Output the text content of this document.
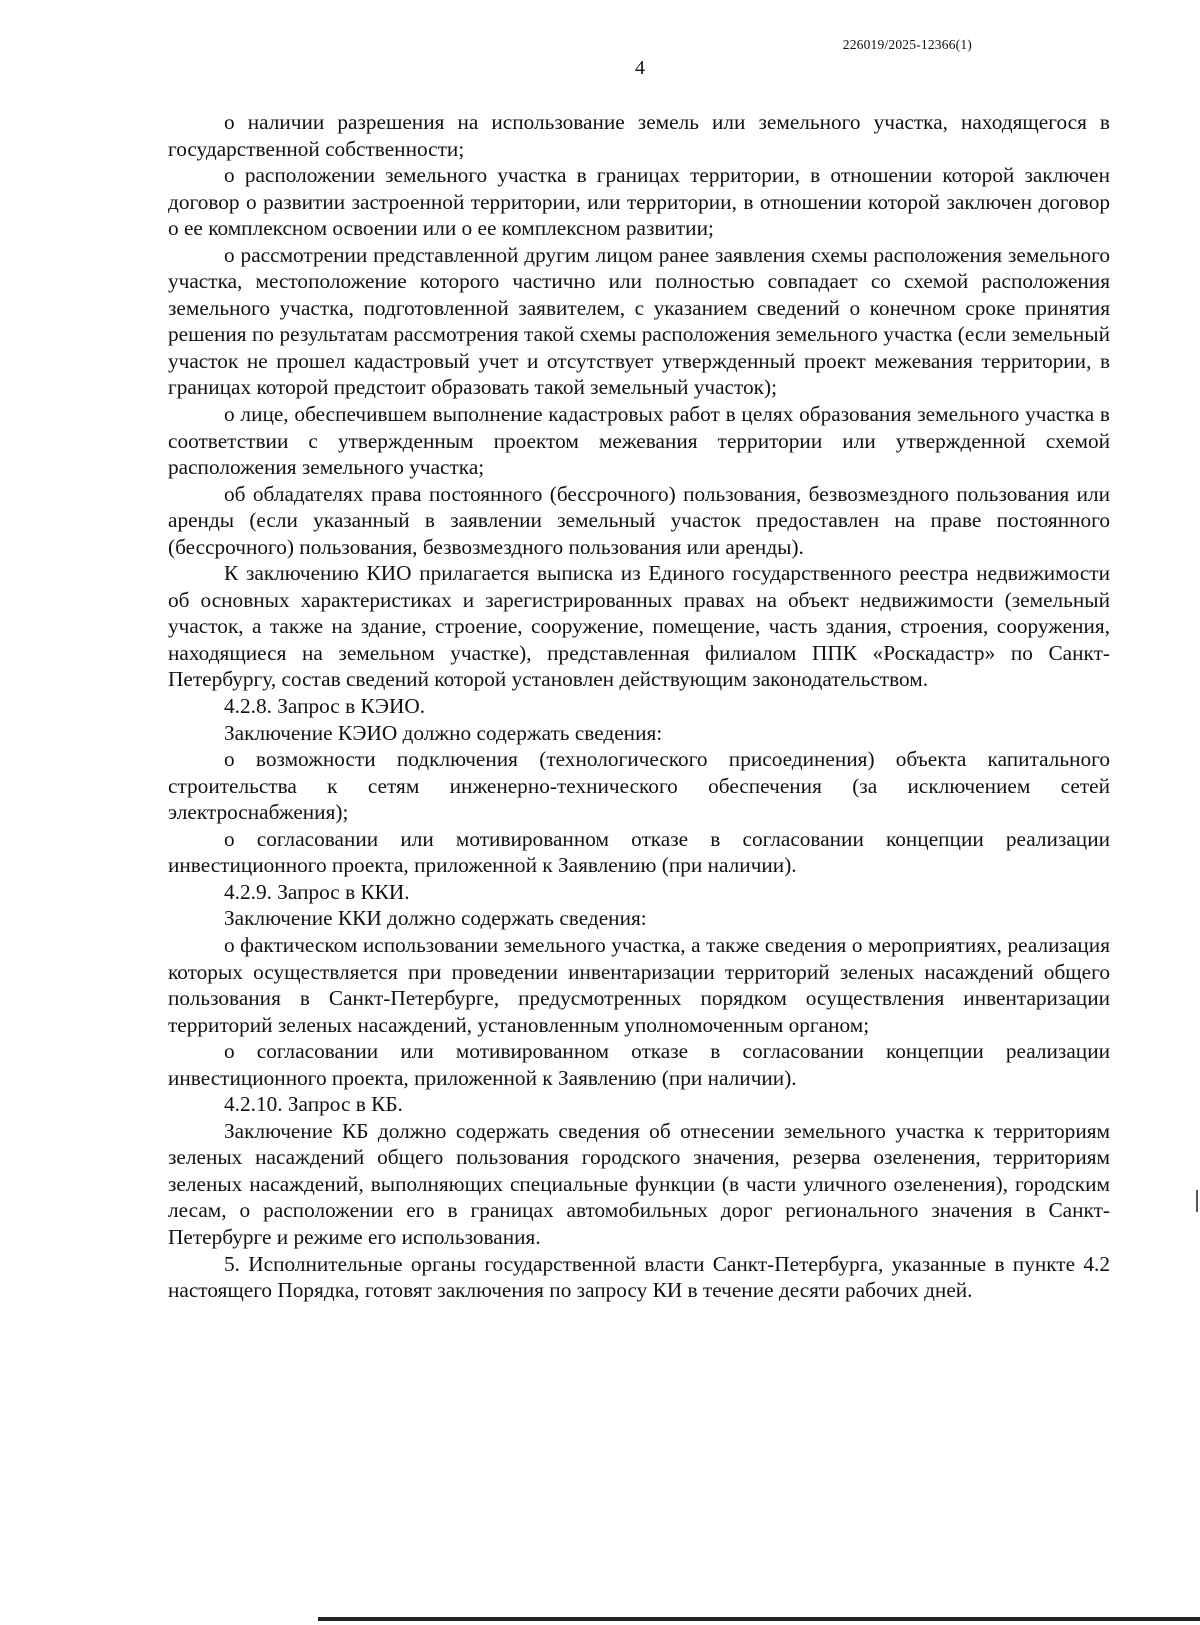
226019/2025-12366(1)
4

о наличии разрешения на использование земель или земельного участка, находящегося в государственной собственности;

о расположении земельного участка в границах территории, в отношении которой заключен договор о развитии застроенной территории, или территории, в отношении которой заключен договор о ее комплексном освоении или о ее комплексном развитии;

о рассмотрении представленной другим лицом ранее заявления схемы расположения земельного участка, местоположение которого частично или полностью совпадает со схемой расположения земельного участка, подготовленной заявителем, с указанием сведений о конечном сроке принятия решения по результатам рассмотрения такой схемы расположения земельного участка (если земельный участок не прошел кадастровый учет и отсутствует утвержденный проект межевания территории, в границах которой предстоит образовать такой земельный участок);

о лице, обеспечившем выполнение кадастровых работ в целях образования земельного участка в соответствии с утвержденным проектом межевания территории или утвержденной схемой расположения земельного участка;

об обладателях права постоянного (бессрочного) пользования, безвозмездного пользования или аренды (если указанный в заявлении земельный участок предоставлен на праве постоянного (бессрочного) пользования, безвозмездного пользования или аренды).

К заключению КИО прилагается выписка из Единого государственного реестра недвижимости об основных характеристиках и зарегистрированных правах на объект недвижимости (земельный участок, а также на здание, строение, сооружение, помещение, часть здания, строения, сооружения, находящиеся на земельном участке), представленная филиалом ППК «Роскадастр» по Санкт-Петербургу, состав сведений которой установлен действующим законодательством.

4.2.8. Запрос в КЭИО.

Заключение КЭИО должно содержать сведения:

о возможности подключения (технологического присоединения) объекта капитального строительства к сетям инженерно-технического обеспечения (за исключением сетей электроснабжения);

о согласовании или мотивированном отказе в согласовании концепции реализации инвестиционного проекта, приложенной к Заявлению (при наличии).

4.2.9. Запрос в ККИ.

Заключение ККИ должно содержать сведения:

о фактическом использовании земельного участка, а также сведения о мероприятиях, реализация которых осуществляется при проведении инвентаризации территорий зеленых насаждений общего пользования в Санкт-Петербурге, предусмотренных порядком осуществления инвентаризации территорий зеленых насаждений, установленным уполномоченным органом;

о согласовании или мотивированном отказе в согласовании концепции реализации инвестиционного проекта, приложенной к Заявлению (при наличии).

4.2.10. Запрос в КБ.

Заключение КБ должно содержать сведения об отнесении земельного участка к территориям зеленых насаждений общего пользования городского значения, резерва озеленения, территориям зеленых насаждений, выполняющих специальные функции (в части уличного озеленения), городским лесам, о расположении его в границах автомобильных дорог регионального значения в Санкт-Петербурге и режиме его использования.

5. Исполнительные органы государственной власти Санкт-Петербурга, указанные в пункте 4.2 настоящего Порядка, готовят заключения по запросу КИ в течение десяти рабочих дней.
